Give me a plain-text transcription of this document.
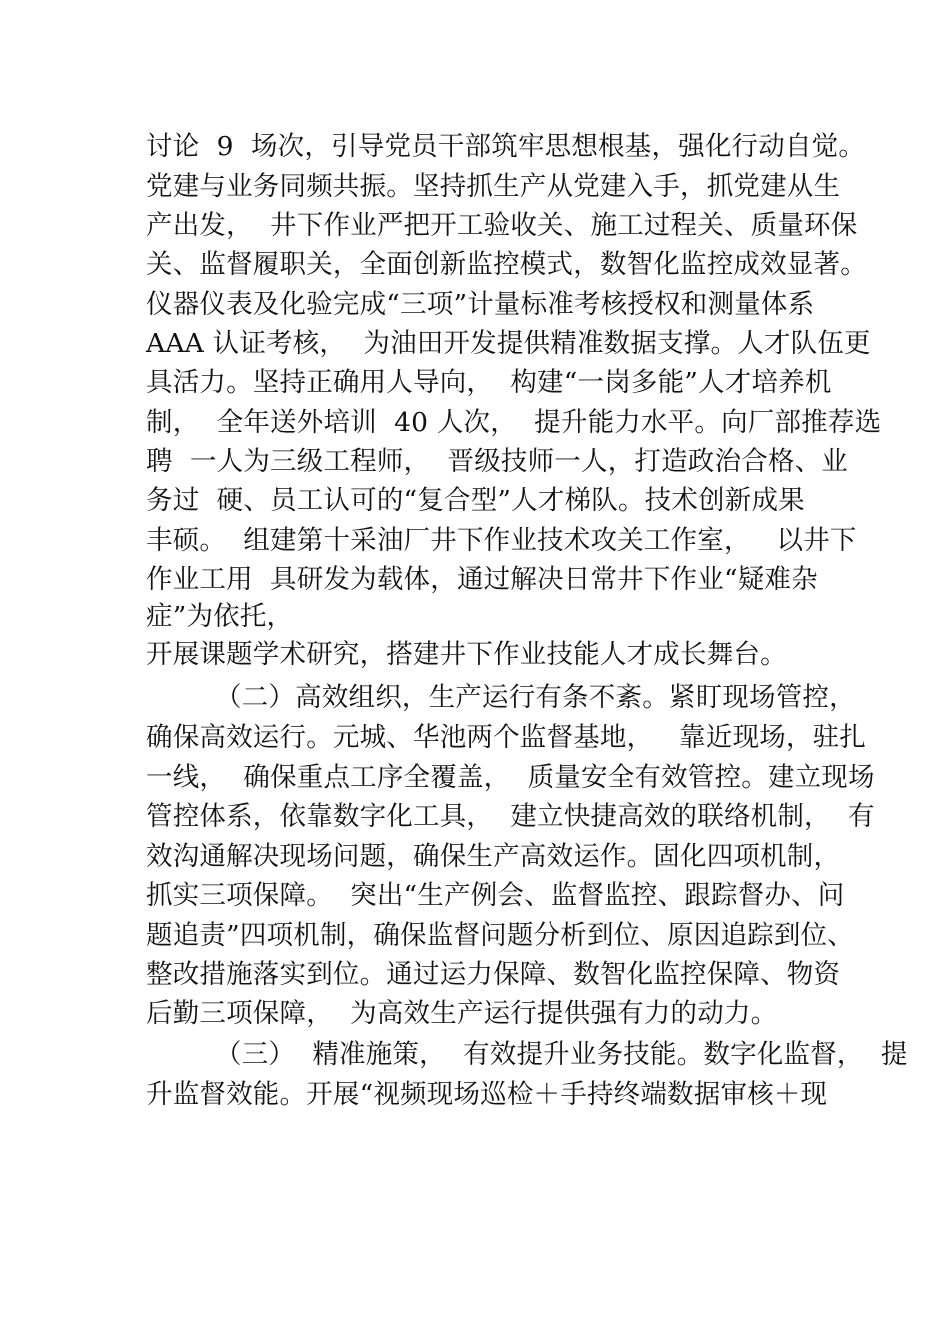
讨论  9  场次，引导党员干部筑牢思想根基，强化行动自觉。
党建与业务同频共振。坚持抓生产从党建入手，抓党建从生
产出发，  井下作业严把开工验收关、施工过程关、质量环保
关、监督履职关，全面创新监控模式，数智化监控成效显著。
仪器仪表及化验完成“三项”计量标准考核授权和测量体系
AAA 认证考核，  为油田开发提供精准数据支撑。人才队伍更
具活力。坚持正确用人导向，  构建“一岗多能”人才培养机
制，  全年送外培训  40 人次，  提升能力水平。向厂部推荐选
聘  一人为三级工程师，  晋级技师一人，打造政治合格、业
务过  硬、员工认可的“复合型”人才梯队。技术创新成果
丰硕。  组建第十采油厂井下作业技术攻关工作室，   以井下
作业工用  具研发为载体，通过解决日常井下作业“疑难杂
症”为依托，
开展课题学术研究，搭建井下作业技能人才成长舞台。
（二）高效组织，生产运行有条不紊。紧盯现场管控，
确保高效运行。元城、华池两个监督基地，   靠近现场，驻扎
一线，  确保重点工序全覆盖，  质量安全有效管控。建立现场
管控体系，依靠数字化工具，  建立快捷高效的联络机制，  有
效沟通解决现场问题，确保生产高效运作。固化四项机制，
抓实三项保障。  突出“生产例会、监督监控、跟踪督办、问
题追责”四项机制，确保监督问题分析到位、原因追踪到位、
整改措施落实到位。通过运力保障、数智化监控保障、物资
后勤三项保障，  为高效生产运行提供强有力的动力。
（三）  精准施策，  有效提升业务技能。数字化监督，  提
升监督效能。开展“视频现场巡检＋手持终端数据审核＋现
